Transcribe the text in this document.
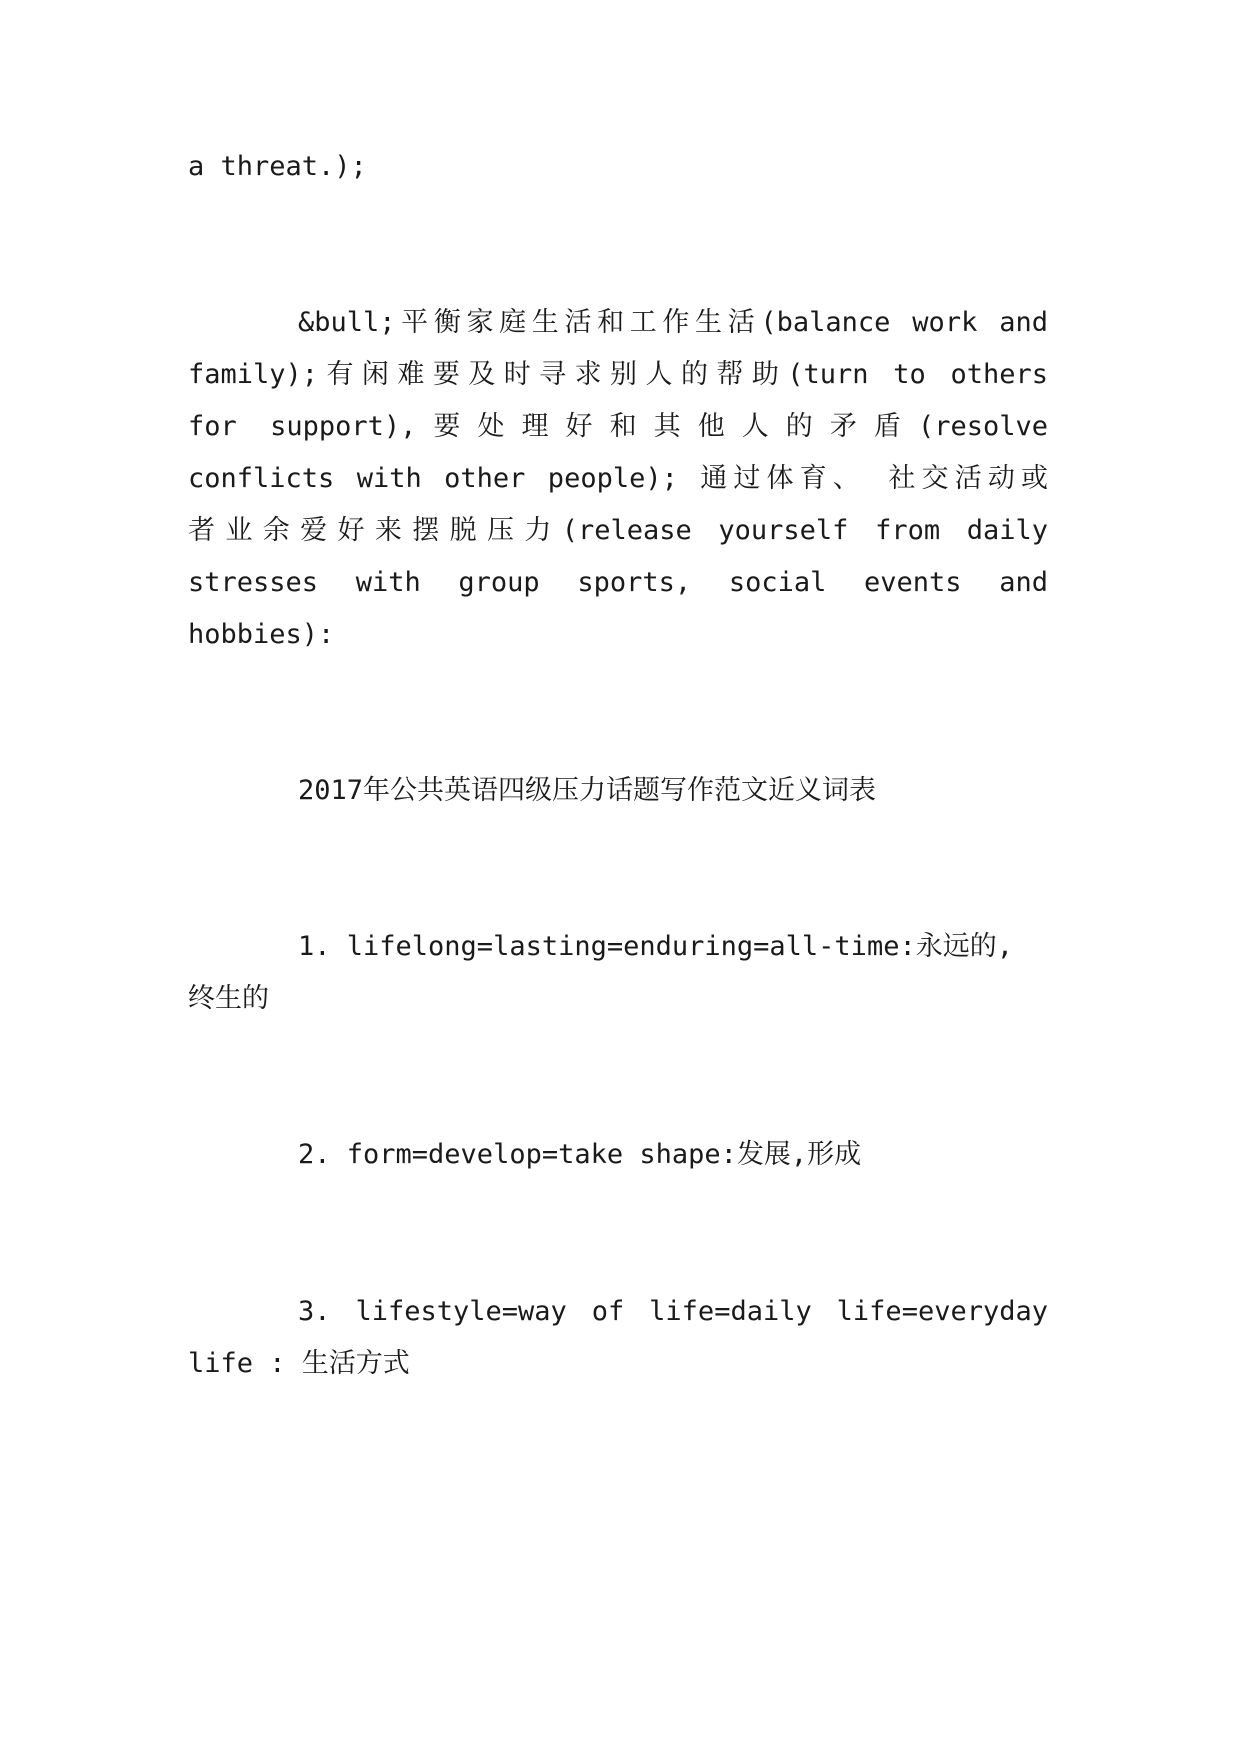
a threat.);
&bull;平衡家庭生活和工作生活(balance work and
family);有闲难要及时寻求别人的帮助(turn to others
for support),要处理好和其他人的矛盾(resolve
conflicts with other people); 通过体育、 社交活动或
者业余爱好来摆脱压力(release yourself from daily
stresses with group sports, social events and
hobbies):
2017年公共英语四级压力话题写作范文近义词表
1. lifelong=lasting=enduring=all-time:永远的,
终生的
2. form=develop=take shape:发展,形成
3. lifestyle=way of life=daily life=everyday
life : 生活方式
